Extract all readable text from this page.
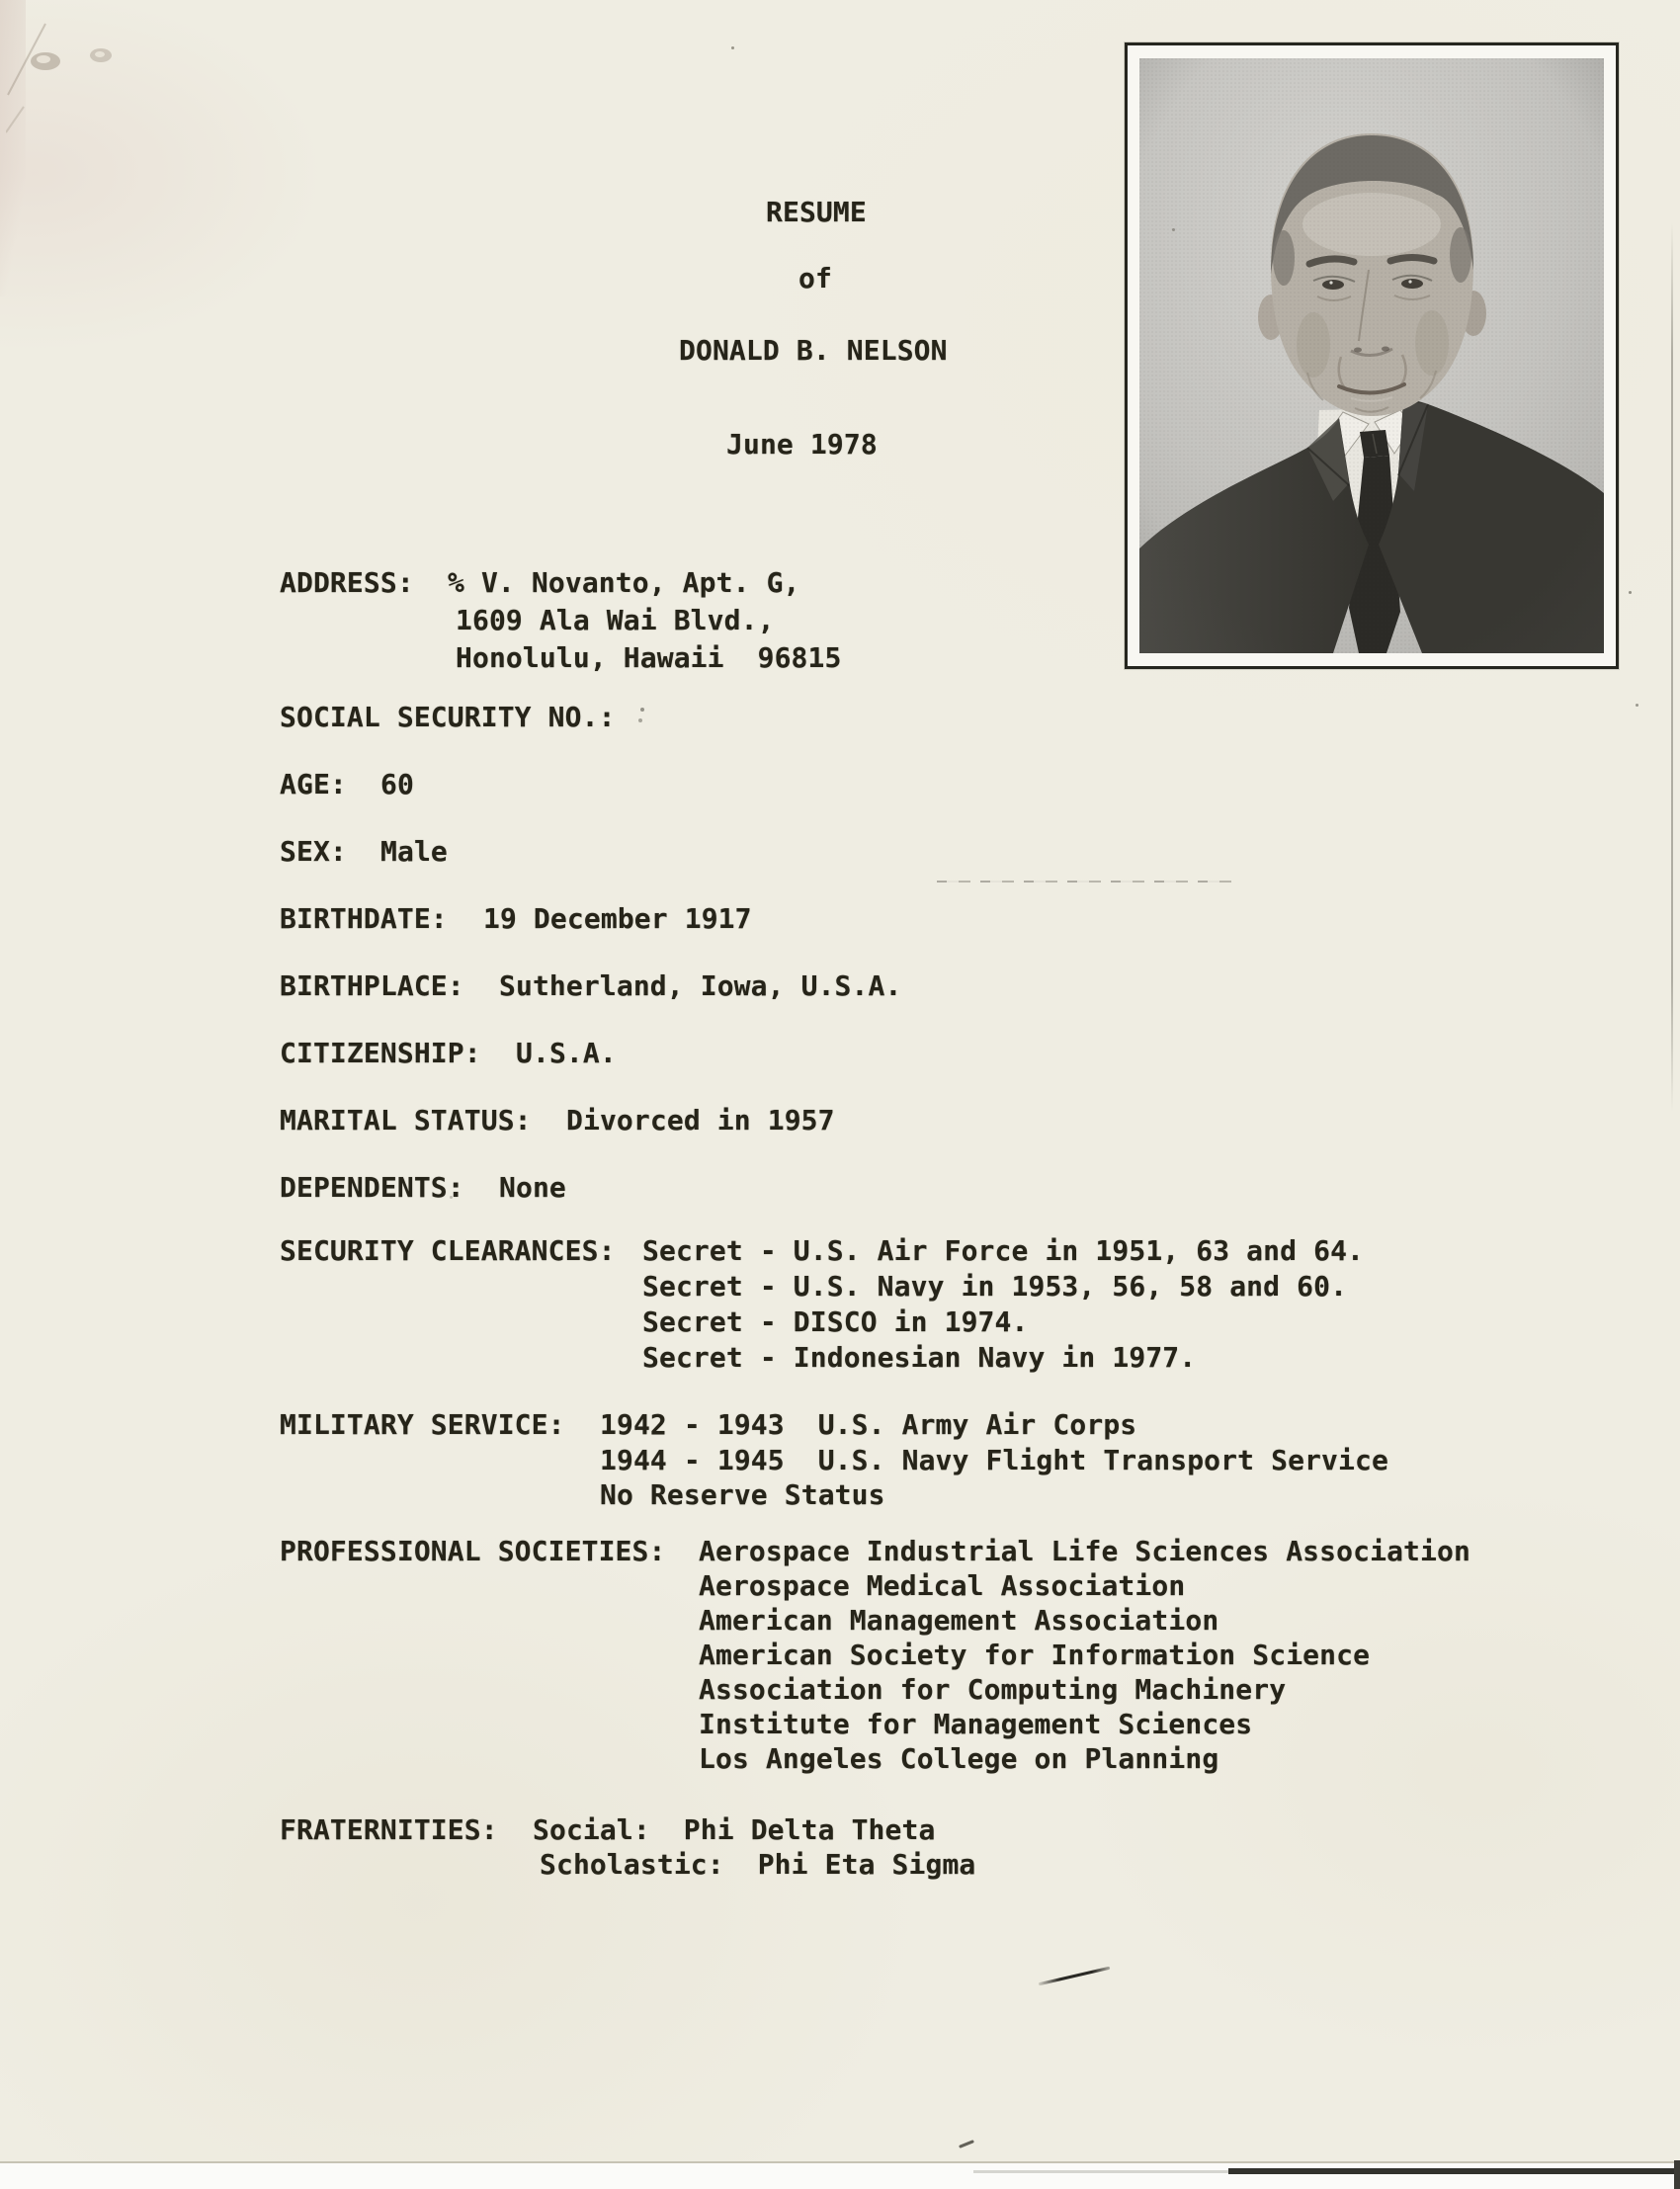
RESUME
of
DONALD B. NELSON
June 1978
ADDRESS: % V. Novanto, Apt. G,
1609 Ala Wai Blvd.,
Honolulu, Hawaii  96815
SOCIAL SECURITY NO.:
AGE: 60
SEX: Male
BIRTHDATE: 19 December 1917
BIRTHPLACE: Sutherland, Iowa, U.S.A.
CITIZENSHIP: U.S.A.
MARITAL STATUS: Divorced in 1957
DEPENDENTS: None
SECURITY CLEARANCES: Secret - U.S. Air Force in 1951, 63 and 64.
Secret - U.S. Navy in 1953, 56, 58 and 60.
Secret - DISCO in 1974.
Secret - Indonesian Navy in 1977.
MILITARY SERVICE: 1942 - 1943  U.S. Army Air Corps
1944 - 1945  U.S. Navy Flight Transport Service
No Reserve Status
PROFESSIONAL SOCIETIES: Aerospace Industrial Life Sciences Association
Aerospace Medical Association
American Management Association
American Society for Information Science
Association for Computing Machinery
Institute for Management Sciences
Los Angeles College on Planning
FRATERNITIES: Social:  Phi Delta Theta
Scholastic:  Phi Eta Sigma
